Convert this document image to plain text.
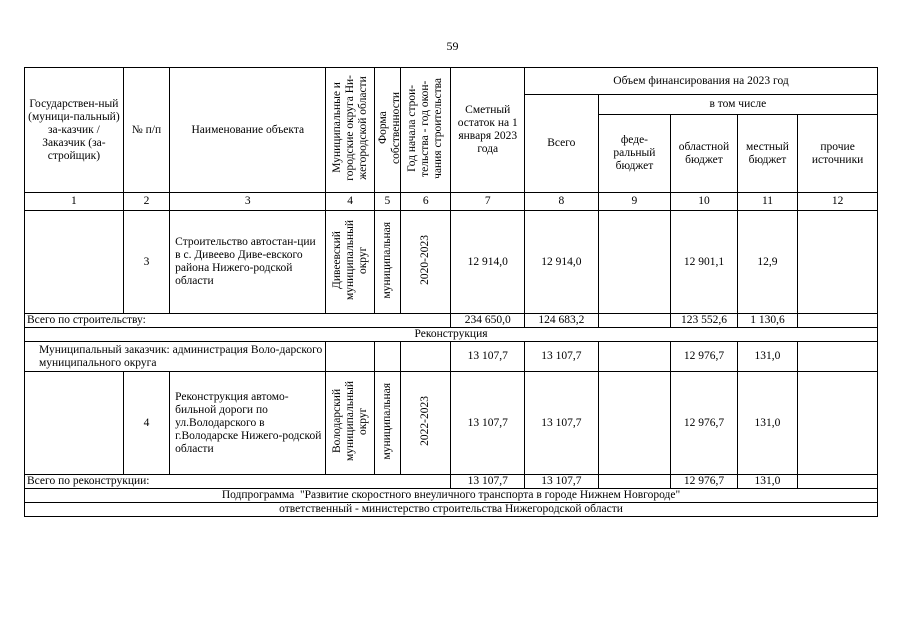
59
Государствен-ный (муници-пальный) за-казчик / Заказчик (за-стройщик)	№ п/п	Наименование объекта	Муниципальные и
городские округа Ни-
жегородской области	Форма
собственности	Год начала строи-
тельства - год окон-
чания строительства	Сметный остаток на 1 января 2023 года	Объем финансирования на 2023 год				
							Всего	в том числе			
								феде-ральный бюджет	областной бюджет	местный бюджет	прочие источники
1	2	3	4	5	6	7	8	9	10	11	12
	3	Строительство автостан-ции в с. Дивеево Диве-евского района Нижего-родской области	Дивеевский
муниципальный
округ	муниципальная	2020-2023	12 914,0	12 914,0		12 901,1	12,9	
Всего по строительству:						234 650,0	124 683,2		123 552,6	1 130,6	
Реконструкция											
Муниципальный заказчик: администрация Воло-дарского муниципального округа						13 107,7	13 107,7		12 976,7	131,0	
	4	Реконструкция автомо-бильной дороги по ул.Володарского в г.Володарске Нижего-родской области	Володарский
муниципальный
округ	муниципальная	2022-2023	13 107,7	13 107,7		12 976,7	131,0	
Всего по реконструкции:						13 107,7	13 107,7		12 976,7	131,0	
Подпрограмма  "Развитие скоростного внеуличного транспорта в городе Нижнем Новгороде"											
ответственный - министерство строительства Нижегородской области											
